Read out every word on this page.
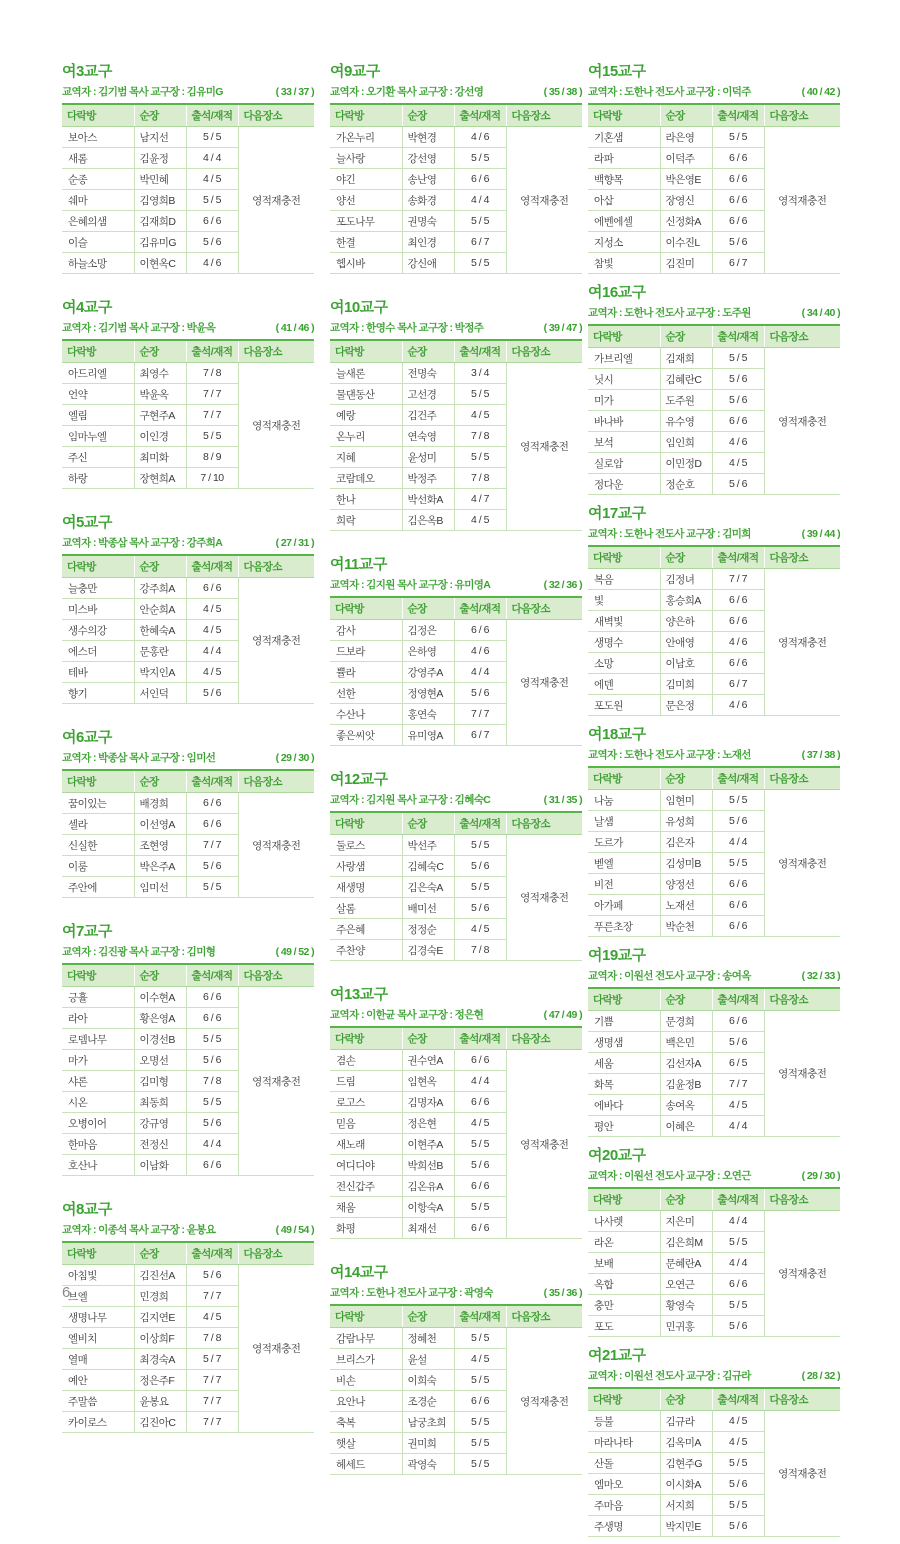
여3교구
교역자 : 김기범 목사 교구장 : 김유미G	( 33 / 37 )
다락방	순장	출석/재적	다음장소
보아스	남지선	5 / 5	영적재충전
새롬	김윤정	4 / 4	
순종	박민혜	4 / 5	
쉐마	김영희B	5 / 5	
은혜의샘	김재희D	6 / 6	
이슬	김유미G	5 / 6	
하늘소망	이현옥C	4 / 6	
여4교구
교역자 : 김기범 목사 교구장 : 박윤옥	( 41 / 46 )
다락방	순장	출석/재적	다음장소
아드리엘	최영수	7 / 8	영적재충전
언약	박윤옥	7 / 7	
엘림	구현주A	7 / 7	
임마누엘	이인경	5 / 5	
주신	최미화	8 / 9	
하랑	장현희A	7 / 10	
여5교구
교역자 : 박종삼 목사 교구장 : 강주희A	( 27 / 31 )
다락방	순장	출석/재적	다음장소
늘충만	강주희A	6 / 6	영적재충전
미스바	안순희A	4 / 5	
생수의강	한혜숙A	4 / 5	
에스더	문홍란	4 / 4	
테바	박지인A	4 / 5	
향기	서인덕	5 / 6	
여6교구
교역자 : 박종삼 목사 교구장 : 임미선	( 29 / 30 )
다락방	순장	출석/재적	다음장소
꿈이있는	배경희	6 / 6	영적재충전
셀라	이선영A	6 / 6	
신실한	조현영	7 / 7	
이룸	박은주A	5 / 6	
주안에	임미선	5 / 5	
여7교구
교역자 : 김진광 목사 교구장 : 김미형	( 49 / 52 )
다락방	순장	출석/재적	다음장소
긍휼	이수현A	6 / 6	영적재충전
라아	황은영A	6 / 6	
로뎀나무	이경선B	5 / 5	
마가	오명선	5 / 6	
샤론	김미형	7 / 8	
시온	최동희	5 / 5	
오병이어	강규영	5 / 6	
한마음	전정신	4 / 4	
호산나	이남화	6 / 6	
여8교구
교역자 : 이종석 목사 교구장 : 윤봉요	( 49 / 54 )
다락방	순장	출석/재적	다음장소
아침빛	김진선A	5 / 6	영적재충전
브엘	민경희	7 / 7	
생명나무	김지연E	4 / 5	
엘비치	이상희F	7 / 8	
열매	최경숙A	5 / 7	
예안	정은주F	7 / 7	
주말씀	윤봉요	7 / 7	
카이로스	김진아C	7 / 7	
여9교구
교역자 : 오기환 목사 교구장 : 강선영	( 35 / 38 )
다락방	순장	출석/재적	다음장소
가온누리	박현경	4 / 6	영적재충전
늘사랑	강선영	5 / 5	
야긴	송난영	6 / 6	
양선	송화경	4 / 4	
포도나무	권명숙	5 / 5	
한결	최인경	6 / 7	
헵시바	강신애	5 / 5	
여10교구
교역자 : 한영수 목사 교구장 : 박정주	( 39 / 47 )
다락방	순장	출석/재적	다음장소
늘새론	전명숙	3 / 4	영적재충전
물댄동산	고선경	5 / 5	
예랑	김건주	4 / 5	
온누리	연숙영	7 / 8	
지혜	윤성미	5 / 5	
코람데오	박정주	7 / 8	
한나	박선화A	4 / 7	
희락	김은옥B	4 / 5	
여11교구
교역자 : 김지원 목사 교구장 : 유미영A	( 32 / 36 )
다락방	순장	출석/재적	다음장소
감사	김정은	6 / 6	영적재충전
드보라	은하영	4 / 6	
쁄라	강영주A	4 / 4	
선한	정영현A	5 / 6	
수산나	홍연숙	7 / 7	
좋은씨앗	유미영A	6 / 7	
여12교구
교역자 : 김지원 목사 교구장 : 김혜숙C	( 31 / 35 )
다락방	순장	출석/재적	다음장소
둘로스	박선주	5 / 5	영적재충전
사랑샘	김혜숙C	5 / 6	
새생명	김은숙A	5 / 5	
살롬	배미선	5 / 6	
주은혜	정정순	4 / 5	
주찬양	김경숙E	7 / 8	
여13교구
교역자 : 이한균 목사 교구장 : 정은현	( 47 / 49 )
다락방	순장	출석/재적	다음장소
겸손	권수연A	6 / 6	영적재충전
드림	임현옥	4 / 4	
로고스	김명자A	6 / 6	
믿음	정은현	4 / 5	
새노래	이현주A	5 / 5	
여디디야	박희선B	5 / 6	
전신갑주	김온유A	6 / 6	
채움	이항숙A	5 / 5	
화평	최재선	6 / 6	
여14교구
교역자 : 도한나 전도사 교구장 : 곽영숙	( 35 / 36 )
다락방	순장	출석/재적	다음장소
감람나무	정혜천	5 / 5	영적재충전
브리스가	윤설	4 / 5	
비손	이희숙	5 / 5	
요안나	조경순	6 / 6	
축복	남궁초희	5 / 5	
햇살	권미희	5 / 5	
헤세드	곽영숙	5 / 5	
여15교구
교역자 : 도한나 전도사 교구장 : 이덕주	( 40 / 42 )
다락방	순장	출석/재적	다음장소
기혼샘	라은영	5 / 5	영적재충전
라파	이덕주	6 / 6	
백향목	박은영E	6 / 6	
아삽	장영신	6 / 6	
에벤에셀	신정화A	6 / 6	
지성소	이수진L	5 / 6	
참빛	김진미	6 / 7	
여16교구
교역자 : 도한나 전도사 교구장 : 도주원	( 34 / 40 )
다락방	순장	출석/재적	다음장소
가브리엘	김재희	5 / 5	영적재충전
닛시	김혜란C	5 / 6	
미가	도주원	5 / 6	
바나바	유수영	6 / 6	
보석	임인희	4 / 6	
실로암	이민정D	4 / 5	
정다운	정순호	5 / 6	
여17교구
교역자 : 도한나 전도사 교구장 : 김미희	( 39 / 44 )
다락방	순장	출석/재적	다음장소
복음	김정녀	7 / 7	영적재충전
빛	홍승희A	6 / 6	
새벽빛	양은하	6 / 6	
생명수	안애영	4 / 6	
소망	이남호	6 / 6	
에덴	김미희	6 / 7	
포도원	문은정	4 / 6	
여18교구
교역자 : 도한나 전도사 교구장 : 노재선	( 37 / 38 )
다락방	순장	출석/재적	다음장소
나눔	임현미	5 / 5	영적재충전
날샘	유성희	5 / 6	
도르가	김은자	4 / 4	
벧엘	김성미B	5 / 5	
비전	양정선	6 / 6	
아가페	노재선	6 / 6	
푸른초장	박순천	6 / 6	
여19교구
교역자 : 이원선 전도사 교구장 : 송여옥	( 32 / 33 )
다락방	순장	출석/재적	다음장소
기쁨	문경희	6 / 6	영적재충전
생명샘	백은민	5 / 6	
세움	김선자A	6 / 5	
화목	김윤정B	7 / 7	
에바다	송여옥	4 / 5	
평안	이혜은	4 / 4	
여20교구
교역자 : 이원선 전도사 교구장 : 오연근	( 29 / 30 )
다락방	순장	출석/재적	다음장소
나사렛	지은미	4 / 4	영적재충전
라온	김은희M	5 / 5	
보배	문혜란A	4 / 4	
옥합	오연근	6 / 6	
충만	황영숙	5 / 5	
포도	민귀홍	5 / 6	
여21교구
교역자 : 이원선 전도사 교구장 : 김규라	( 28 / 32 )
다락방	순장	출석/재적	다음장소
등불	김규라	4 / 5	영적재충전
마라나타	김옥미A	4 / 5	
산돌	김현주G	5 / 5	
엠마오	이시화A	5 / 6	
주마음	서지희	5 / 5	
주생명	박지민E	5 / 6	
6
